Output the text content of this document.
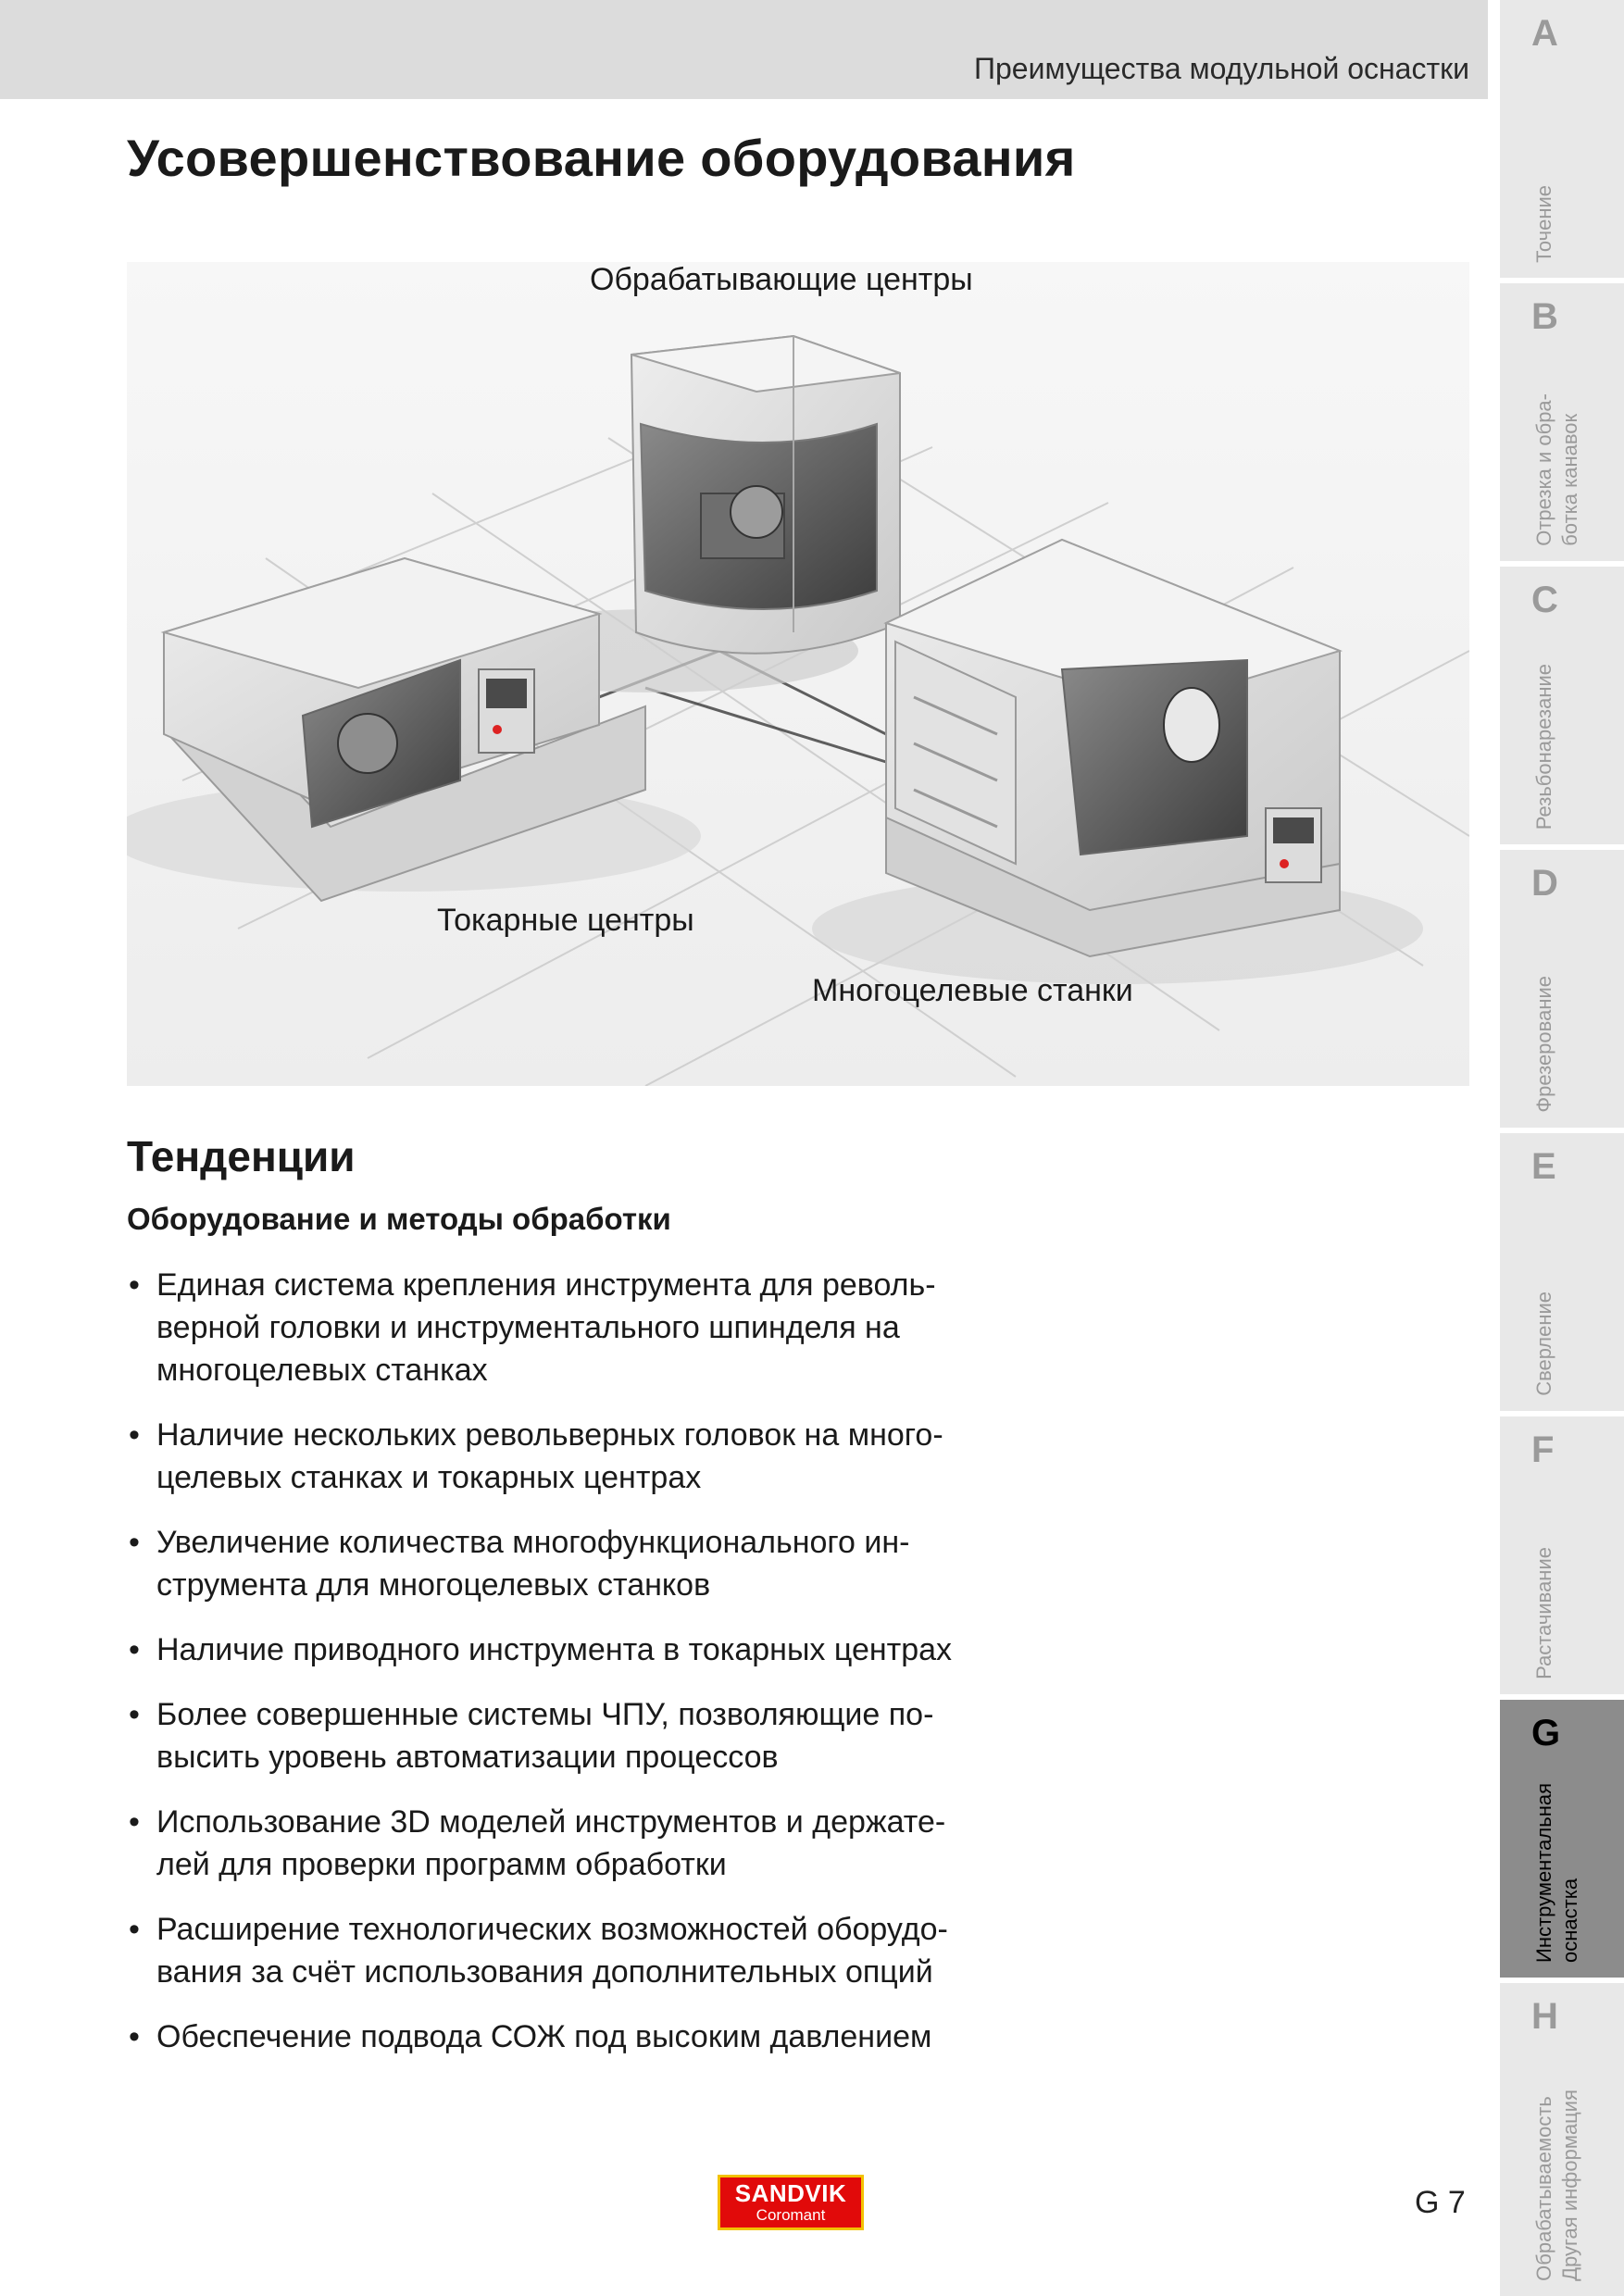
Преимущества модульной оснастки
Усовершенствование оборудования
Обрабатывающие центры
Токарные центры
Многоцелевые станки
Тенденции
Оборудование и методы обработки
• Единая система крепления инструмента для револь-
верной головки и инструментального шпинделя на
многоцелевых станках
• Наличие нескольких револьверных головок на много-
целевых станках и токарных центрах
• Увеличение количества многофункционального ин-
струмента для многоцелевых станков
• Наличие приводного инструмента в токарных центрах
• Более совершенные системы ЧПУ, позволяющие по-
высить уровень автоматизации процессов
• Использование 3D моделей инструментов и держате-
лей для проверки программ обработки
• Расширение технологических возможностей оборудо-
вания за счёт использования дополнительных опций
• Обеспечение подвода СОЖ под высоким давлением
A
Точение
B
Отрезка и обра-
ботка канавок
C
Резьбонарезание
D
Фрезерование
E
Сверление
F
Растачивание
G
Инструментальная
оснастка
H
Обрабатываемость
Другая информация
SANDVIK
Coromant	G 7
